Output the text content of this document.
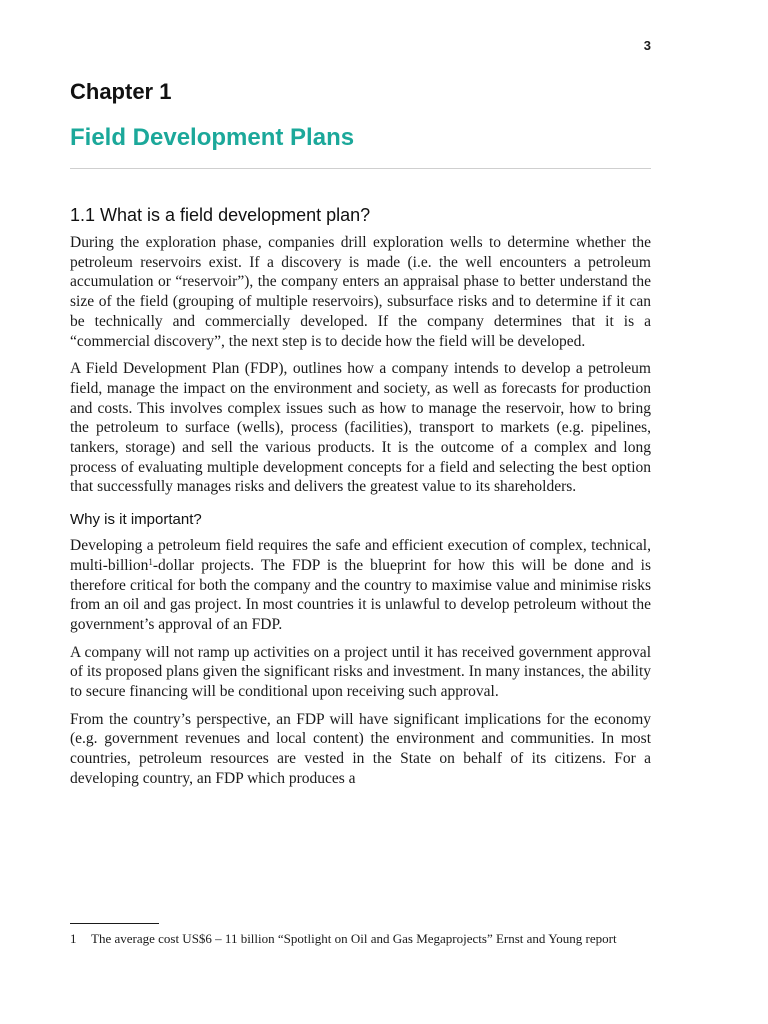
3
Chapter 1
Field Development Plans
1.1 What is a field development plan?

During the exploration phase, companies drill exploration wells to determine whether the petroleum reservoirs exist. If a discovery is made (i.e. the well encounters a petroleum accumulation or “reservoir”), the company enters an appraisal phase to better understand the size of the field (grouping of multiple reservoirs), subsurface risks and to determine if it can be technically and commercially developed. If the company determines that it is a “commercial discovery”, the next step is to decide how the field will be developed.

A Field Development Plan (FDP), outlines how a company intends to develop a petroleum field, manage the impact on the environment and society, as well as forecasts for production and costs. This involves complex issues such as how to manage the reservoir, how to bring the petroleum to surface (wells), process (facilities), transport to markets (e.g. pipelines, tankers, storage) and sell the various products. It is the outcome of a complex and long process of evaluating multiple development concepts for a field and selecting the best option that successfully manages risks and delivers the greatest value to its shareholders.

Why is it important?

Developing a petroleum field requires the safe and efficient execution of complex, technical, multi-billion$^1$-dollar projects. The FDP is the blueprint for how this will be done and is therefore critical for both the company and the country to maximise value and minimise risks from an oil and gas project. In most countries it is unlawful to develop petroleum without the government’s approval of an FDP.

A company will not ramp up activities on a project until it has received government approval of its proposed plans given the significant risks and investment. In many instances, the ability to secure financing will be conditional upon receiving such approval.

From the country’s perspective, an FDP will have significant implications for the economy (e.g. government revenues and local content) the environment and communities. In most countries, petroleum resources are vested in the State on behalf of its citizens. For a developing country, an FDP which produces a

1	The average cost US$6 – 11 billion “Spotlight on Oil and Gas Megaprojects” Ernst and Young report
